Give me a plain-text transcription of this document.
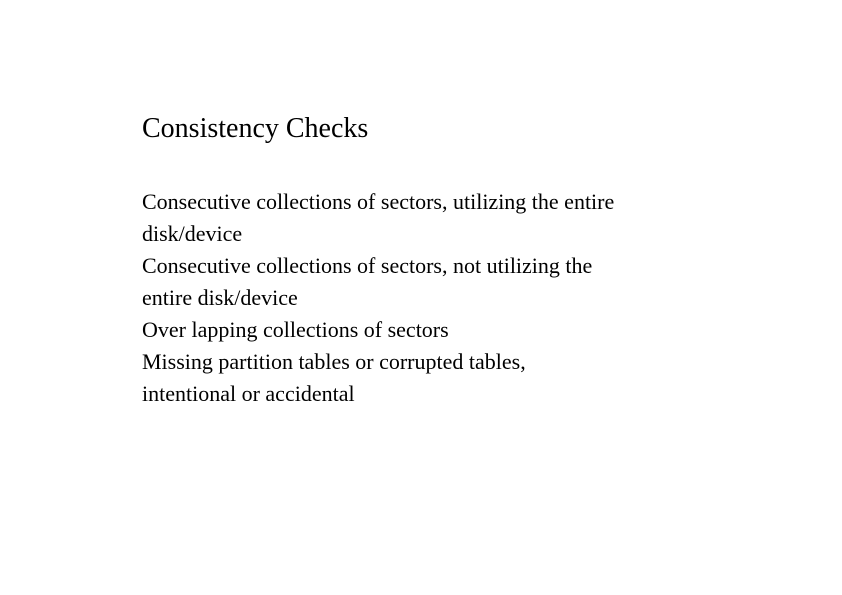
Consistency Checks
Consecutive collections of sectors, utilizing the entire
disk/device
Consecutive collections of sectors, not utilizing the
entire disk/device
Over lapping collections of sectors
Missing partition tables or corrupted tables,
intentional or accidental
